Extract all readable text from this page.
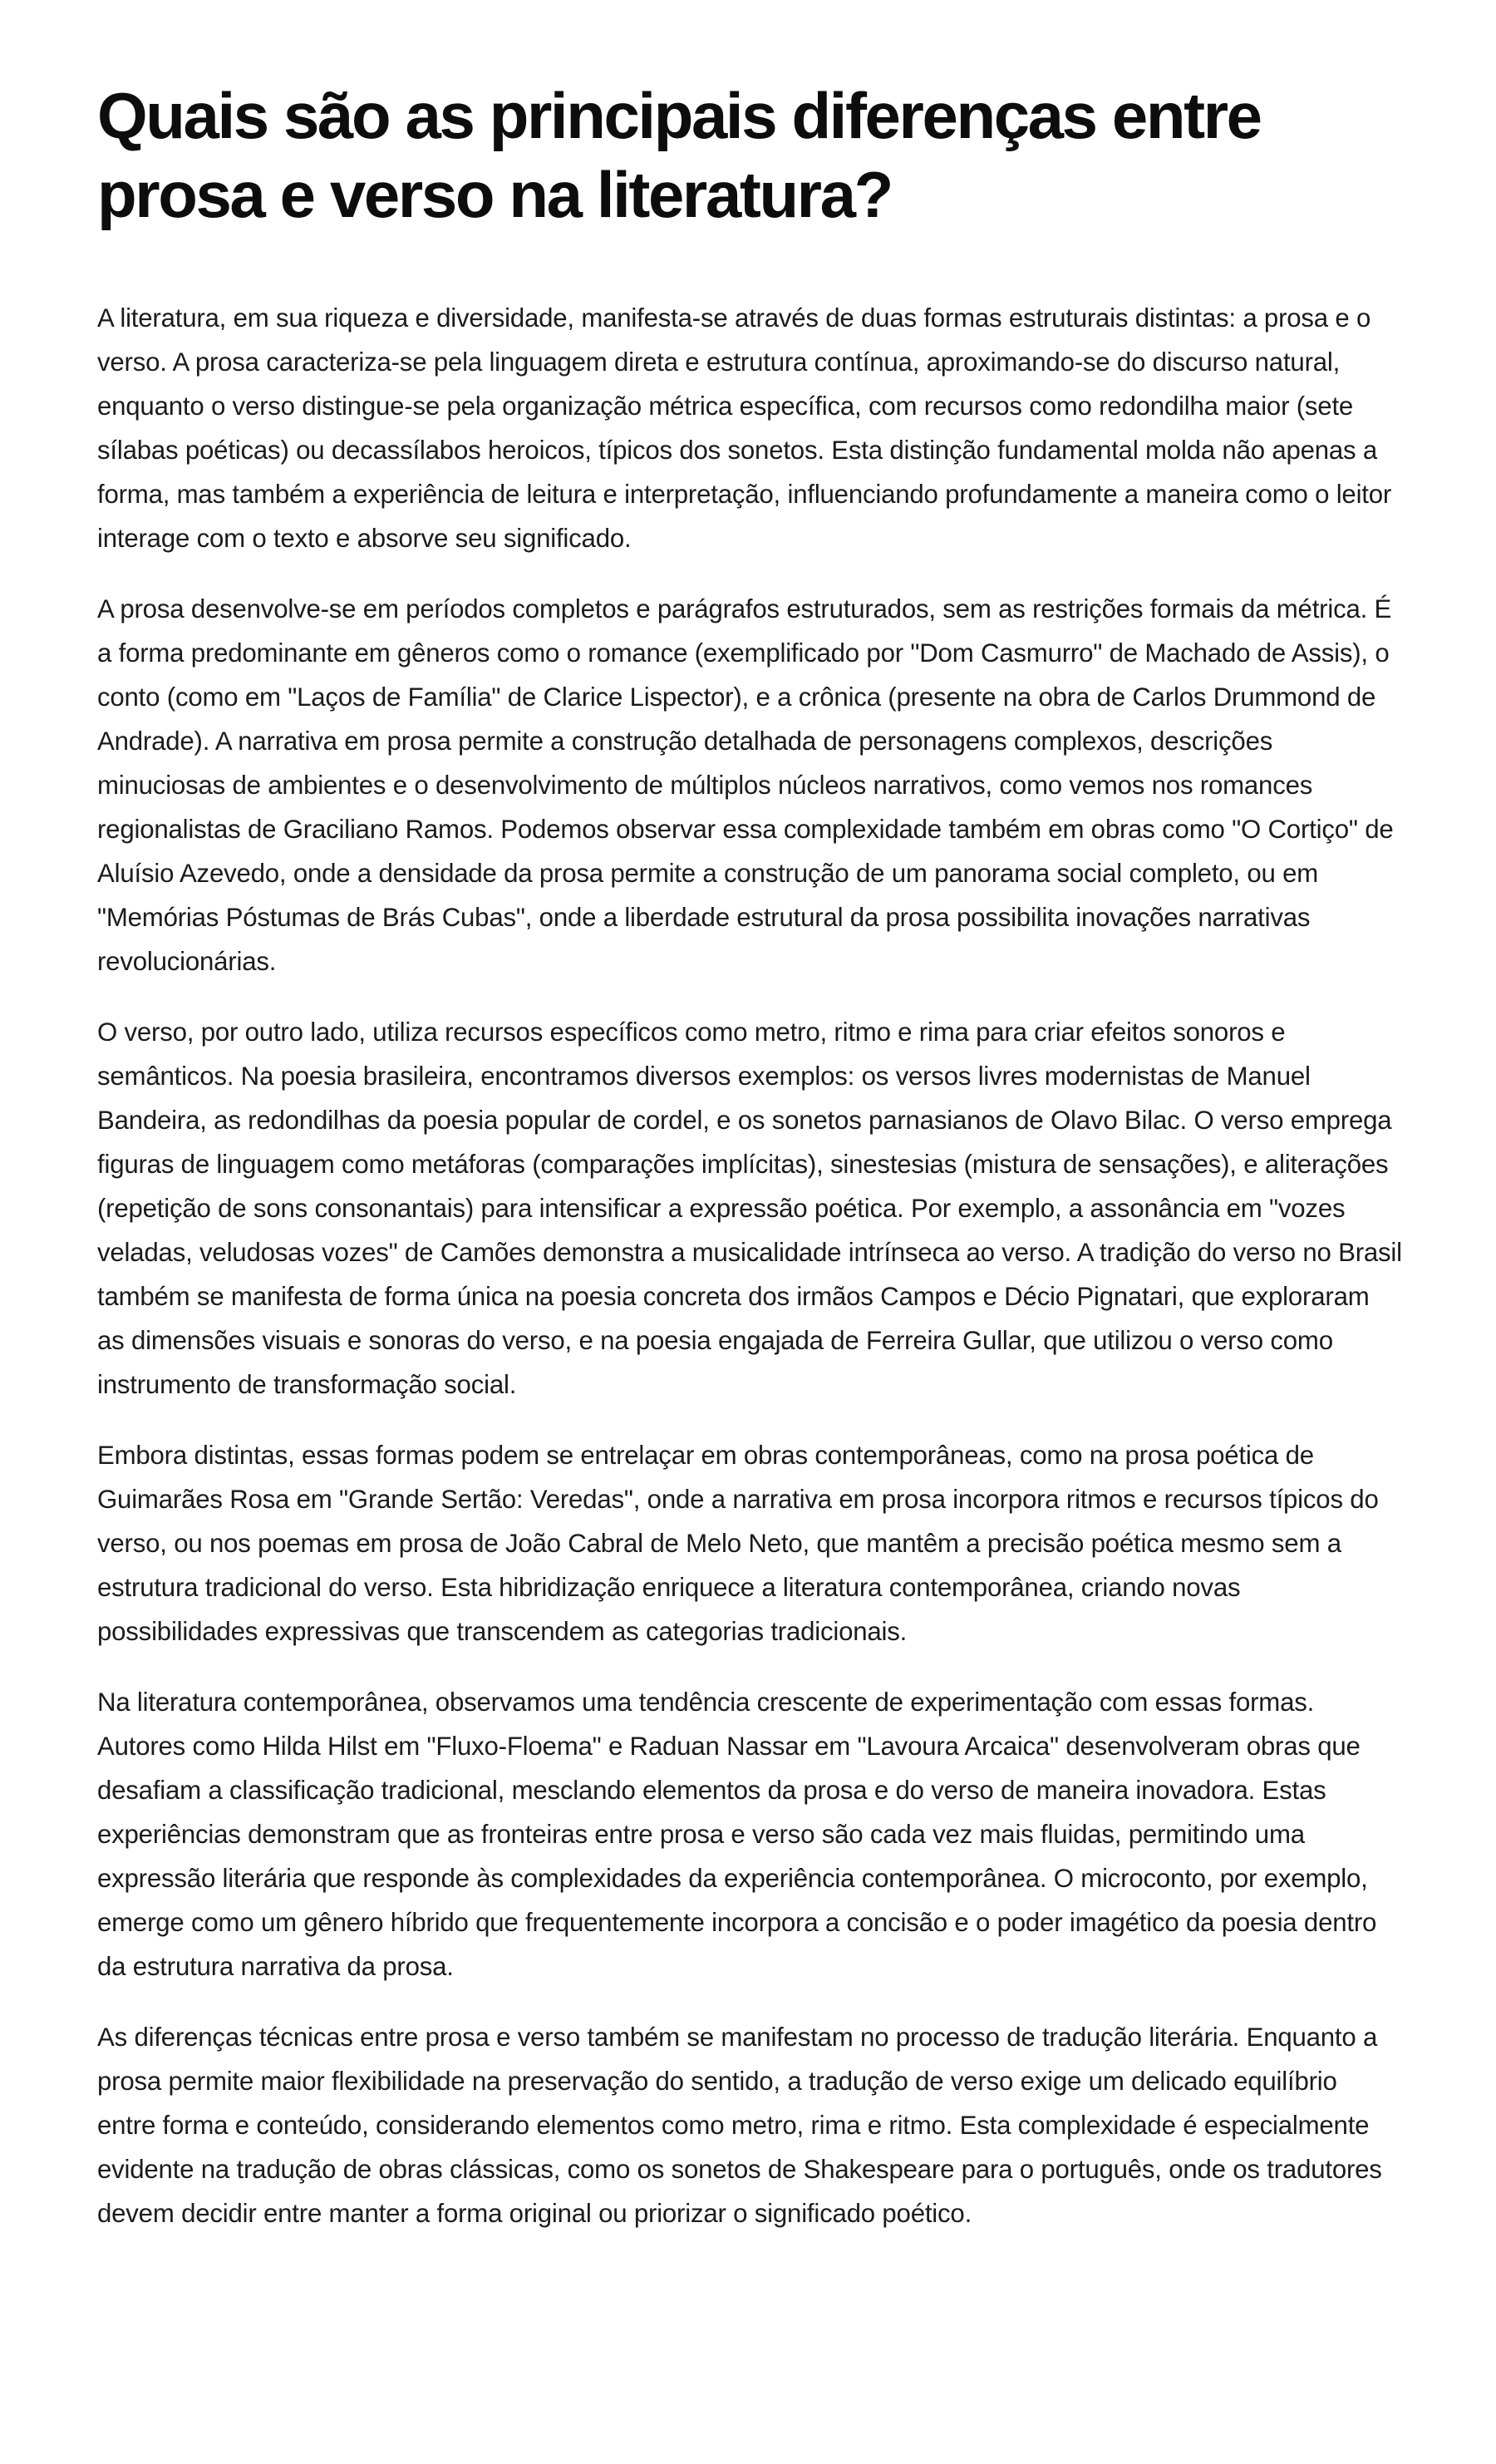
Quais são as principais diferenças entre prosa e verso na literatura?

A literatura, em sua riqueza e diversidade, manifesta-se através de duas formas estruturais distintas: a prosa e o verso. A prosa caracteriza-se pela linguagem direta e estrutura contínua, aproximando-se do discurso natural, enquanto o verso distingue-se pela organização métrica específica, com recursos como redondilha maior (sete sílabas poéticas) ou decassílabos heroicos, típicos dos sonetos. Esta distinção fundamental molda não apenas a forma, mas também a experiência de leitura e interpretação, influenciando profundamente a maneira como o leitor interage com o texto e absorve seu significado.

A prosa desenvolve-se em períodos completos e parágrafos estruturados, sem as restrições formais da métrica. É a forma predominante em gêneros como o romance (exemplificado por "Dom Casmurro" de Machado de Assis), o conto (como em "Laços de Família" de Clarice Lispector), e a crônica (presente na obra de Carlos Drummond de Andrade). A narrativa em prosa permite a construção detalhada de personagens complexos, descrições minuciosas de ambientes e o desenvolvimento de múltiplos núcleos narrativos, como vemos nos romances regionalistas de Graciliano Ramos. Podemos observar essa complexidade também em obras como "O Cortiço" de Aluísio Azevedo, onde a densidade da prosa permite a construção de um panorama social completo, ou em "Memórias Póstumas de Brás Cubas", onde a liberdade estrutural da prosa possibilita inovações narrativas revolucionárias.

O verso, por outro lado, utiliza recursos específicos como metro, ritmo e rima para criar efeitos sonoros e semânticos. Na poesia brasileira, encontramos diversos exemplos: os versos livres modernistas de Manuel Bandeira, as redondilhas da poesia popular de cordel, e os sonetos parnasianos de Olavo Bilac. O verso emprega figuras de linguagem como metáforas (comparações implícitas), sinestesias (mistura de sensações), e aliterações (repetição de sons consonantais) para intensificar a expressão poética. Por exemplo, a assonância em "vozes veladas, veludosas vozes" de Camões demonstra a musicalidade intrínseca ao verso. A tradição do verso no Brasil também se manifesta de forma única na poesia concreta dos irmãos Campos e Décio Pignatari, que exploraram as dimensões visuais e sonoras do verso, e na poesia engajada de Ferreira Gullar, que utilizou o verso como instrumento de transformação social.

Embora distintas, essas formas podem se entrelaçar em obras contemporâneas, como na prosa poética de Guimarães Rosa em "Grande Sertão: Veredas", onde a narrativa em prosa incorpora ritmos e recursos típicos do verso, ou nos poemas em prosa de João Cabral de Melo Neto, que mantêm a precisão poética mesmo sem a estrutura tradicional do verso. Esta hibridização enriquece a literatura contemporânea, criando novas possibilidades expressivas que transcendem as categorias tradicionais.

Na literatura contemporânea, observamos uma tendência crescente de experimentação com essas formas. Autores como Hilda Hilst em "Fluxo-Floema" e Raduan Nassar em "Lavoura Arcaica" desenvolveram obras que desafiam a classificação tradicional, mesclando elementos da prosa e do verso de maneira inovadora. Estas experiências demonstram que as fronteiras entre prosa e verso são cada vez mais fluidas, permitindo uma expressão literária que responde às complexidades da experiência contemporânea. O microconto, por exemplo, emerge como um gênero híbrido que frequentemente incorpora a concisão e o poder imagético da poesia dentro da estrutura narrativa da prosa.

As diferenças técnicas entre prosa e verso também se manifestam no processo de tradução literária. Enquanto a prosa permite maior flexibilidade na preservação do sentido, a tradução de verso exige um delicado equilíbrio entre forma e conteúdo, considerando elementos como metro, rima e ritmo. Esta complexidade é especialmente evidente na tradução de obras clássicas, como os sonetos de Shakespeare para o português, onde os tradutores devem decidir entre manter a forma original ou priorizar o significado poético.
